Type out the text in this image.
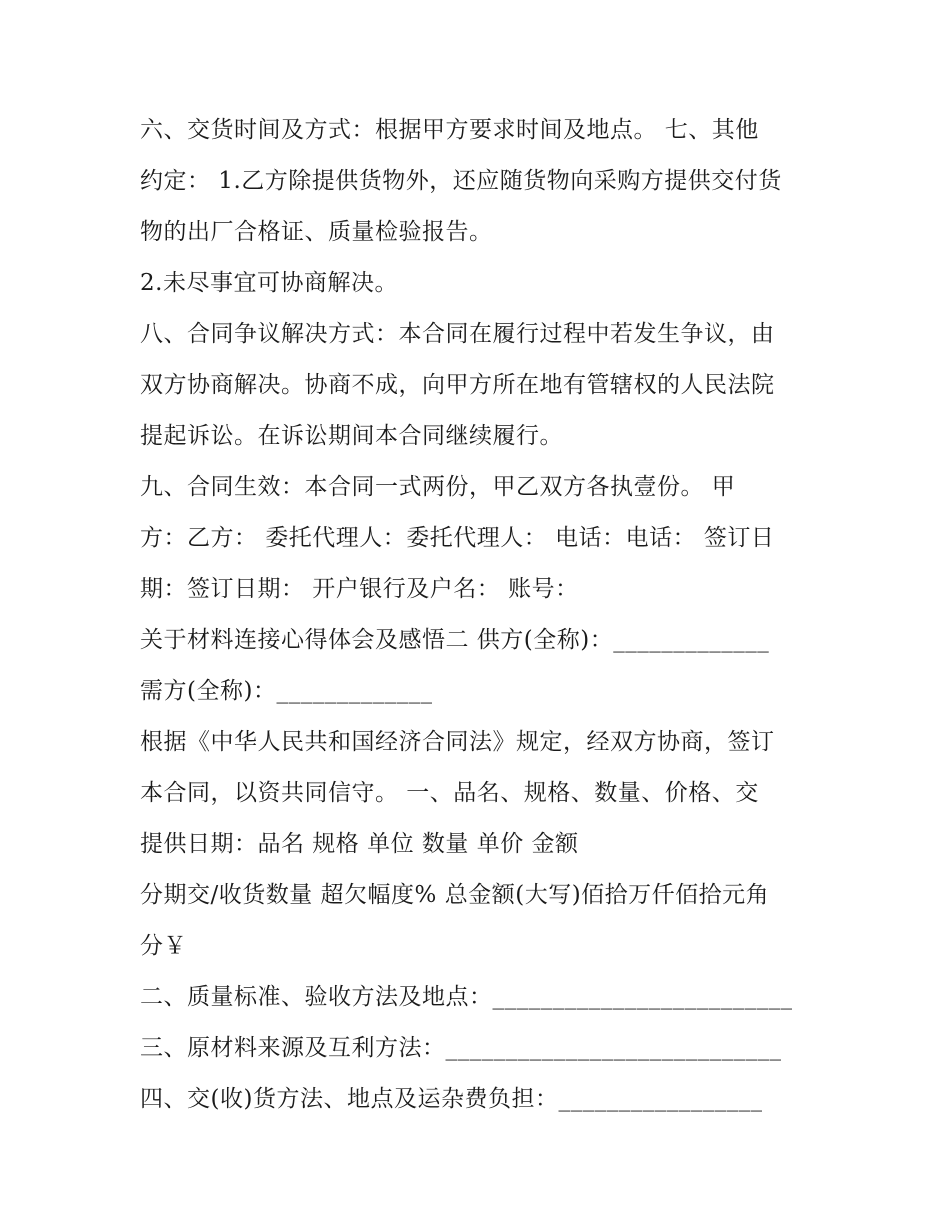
六、交货时间及方式：根据甲方要求时间及地点。 七、其他
约定： 1.乙方除提供货物外，还应随货物向采购方提供交付货
物的出厂合格证、质量检验报告。
2.未尽事宜可协商解决。
八、合同争议解决方式：本合同在履行过程中若发生争议，由
双方协商解决。协商不成，向甲方所在地有管辖权的人民法院
提起诉讼。在诉讼期间本合同继续履行。
九、合同生效：本合同一式两份，甲乙双方各执壹份。 甲
方：乙方： 委托代理人：委托代理人： 电话：电话： 签订日
期：签订日期： 开户银行及户名： 账号：
关于材料连接心得体会及感悟二 供方(全称)：_____________
需方(全称)：_____________
根据《中华人民共和国经济合同法》规定，经双方协商，签订
本合同，以资共同信守。 一、品名、规格、数量、价格、交
提供日期：品名 规格 单位 数量 单价 金额
分期交/收货数量 超欠幅度% 总金额(大写)佰拾万仟佰拾元角
分￥
二、质量标准、验收方法及地点：_________________________
三、原材料来源及互利方法：____________________________
四、交(收)货方法、地点及运杂费负担：_________________
